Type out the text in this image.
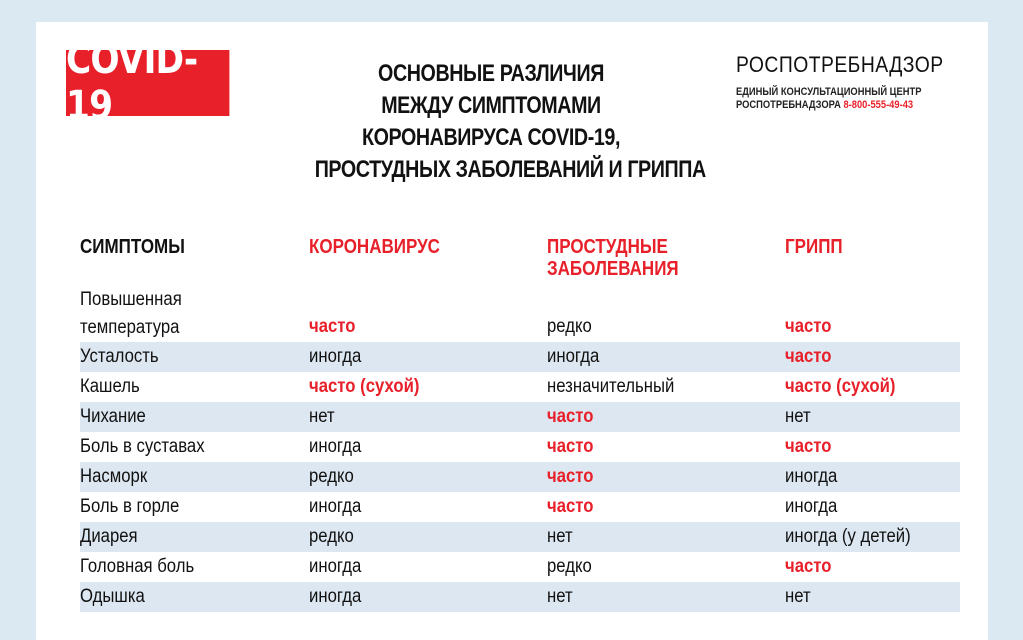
COVID-19
ОСНОВНЫЕ РАЗЛИЧИЯ
МЕЖДУ СИМПТОМАМИ
КОРОНАВИРУСА COVID-19,
ПРОСТУДНЫХ ЗАБОЛЕВАНИЙ И ГРИППА
РОСПОТРЕБНАДЗОР
ЕДИНЫЙ КОНСУЛЬТАЦИОННЫЙ ЦЕНТР
РОСПОТРЕБНАДЗОРА 8-800-555-49-43
СИМПТОМЫ	КОРОНАВИРУС	ПРОСТУДНЫЕ ЗАБОЛЕВАНИЯ	ГРИПП
Повышенная
температура	часто	редко	часто
Усталость	иногда	иногда	часто
Кашель	часто (сухой)	незначительный	часто (сухой)
Чихание	нет	часто	нет
Боль в суставах	иногда	часто	часто
Насморк	редко	часто	иногда
Боль в горле	иногда	часто	иногда
Диарея	редко	нет	иногда (у детей)
Головная боль	иногда	редко	часто
Одышка	иногда	нет	нет
